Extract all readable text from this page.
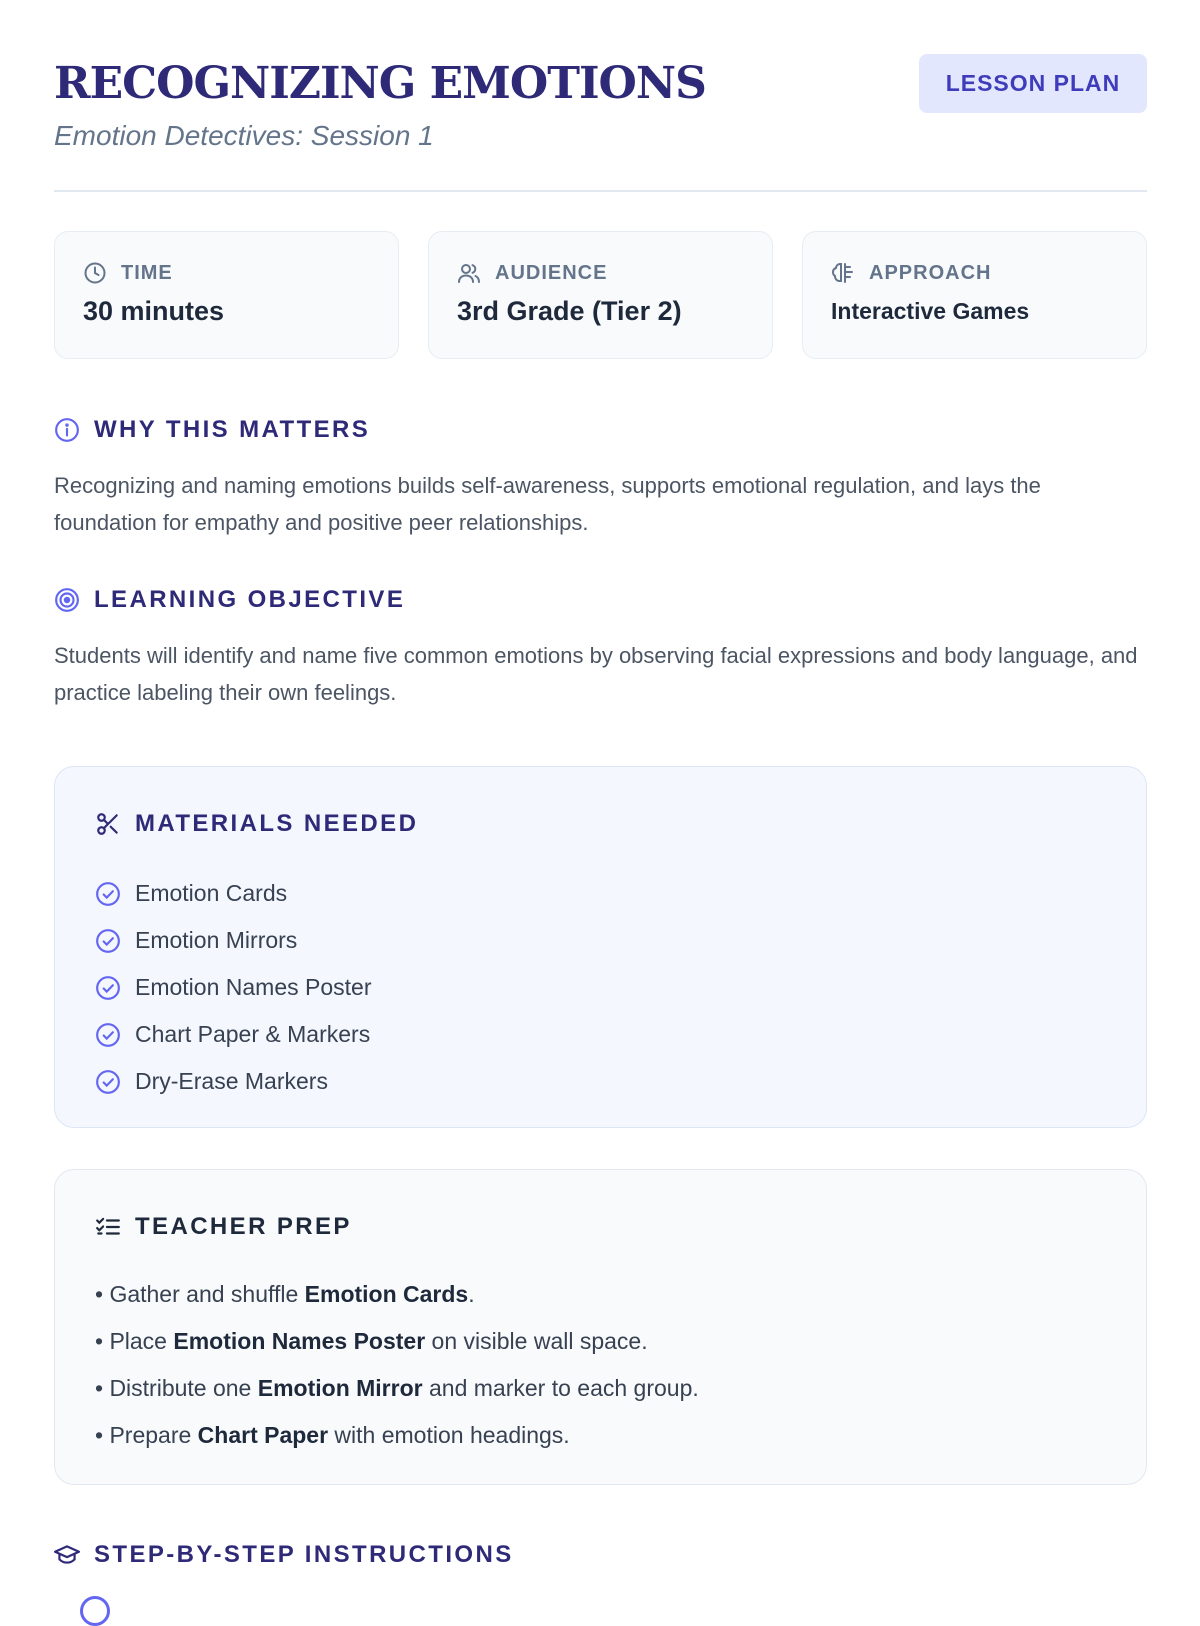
RECOGNIZING EMOTIONS
Emotion Detectives: Session 1
LESSON PLAN
TIME
30 minutes
AUDIENCE
3rd Grade (Tier 2)
APPROACH
Interactive Games
WHY THIS MATTERS

Recognizing and naming emotions builds self-awareness, supports emotional regulation, and lays the foundation for empathy and positive peer relationships.

LEARNING OBJECTIVE

Students will identify and name five common emotions by observing facial expressions and body language, and practice labeling their own feelings.

MATERIALS NEEDED
Emotion Cards
Emotion Mirrors
Emotion Names Poster
Chart Paper & Markers
Dry-Erase Markers
TEACHER PREP
• Gather and shuffle Emotion Cards.
• Place Emotion Names Poster on visible wall space.
• Distribute one Emotion Mirror and marker to each group.
• Prepare Chart Paper with emotion headings.
STEP-BY-STEP INSTRUCTIONS
